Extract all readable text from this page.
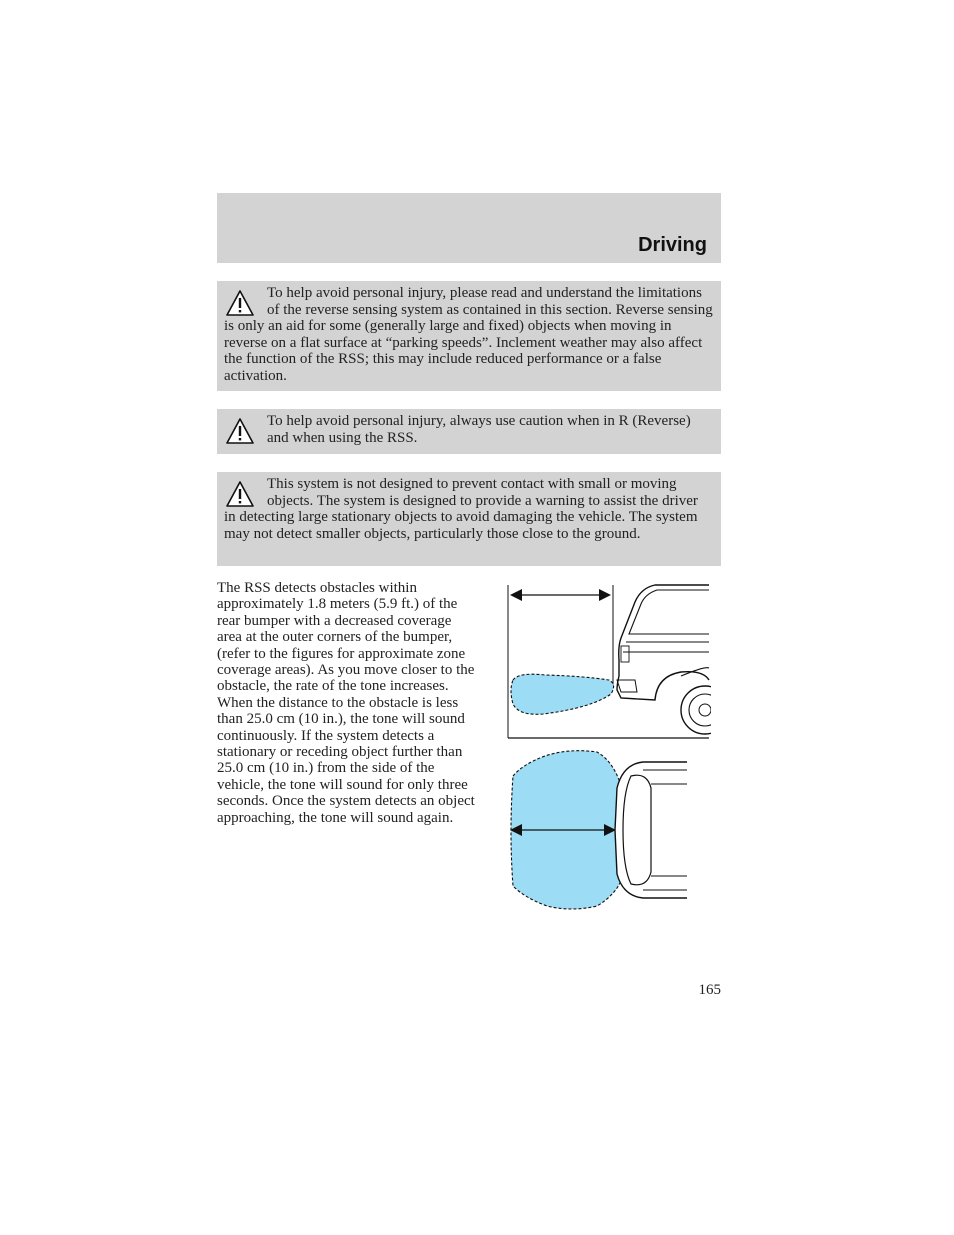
Driving

To help avoid personal injury, please read and understand the limitations of the reverse sensing system as contained in this section. Reverse sensing is only an aid for some (generally large and fixed) objects when moving in reverse on a flat surface at “parking speeds”. Inclement weather may also affect the function of the RSS; this may include reduced performance or a false activation.

To help avoid personal injury, always use caution when in R (Reverse) and when using the RSS.

This system is not designed to prevent contact with small or moving objects. The system is designed to provide a warning to assist the driver in detecting large stationary objects to avoid damaging the vehicle. The system may not detect smaller objects, particularly those close to the ground.

The RSS detects obstacles within approximately 1.8 meters (5.9 ft.) of the rear bumper with a decreased coverage area at the outer corners of the bumper, (refer to the figures for approximate zone coverage areas). As you move closer to the obstacle, the rate of the tone increases. When the distance to the obstacle is less than 25.0 cm (10 in.), the tone will sound continuously. If the system detects a stationary or receding object further than 25.0 cm (10 in.) from the side of the vehicle, the tone will sound for only three seconds. Once the system detects an object approaching, the tone will sound again.

165
